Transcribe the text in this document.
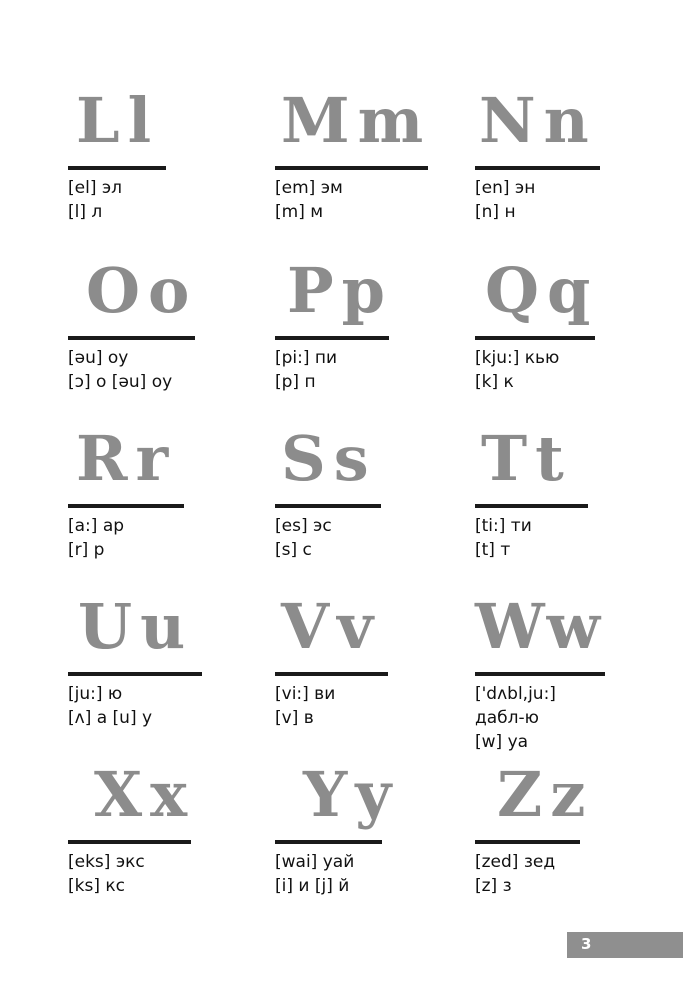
Ll
[el] эл
[l] л
Mm
[em] эм
[m] м
Nn
[en] эн
[n] н
Oo
[əu] оу
[ɔ] о [əu] оу
Pp
[pi:] пи
[p] п
Qq
[kju:] кью
[k] к
Rr
[a:] ар
[r] р
Ss
[es] эс
[s] с
Tt
[ti:] ти
[t] т
Uu
[ju:] ю
[ʌ] а [u] у
Vv
[vi:] ви
[v] в
Ww
['dʌbl,ju:]
дабл-ю
[w] уа
Xx
[eks] экс
[ks] кс
Yy
[wai] уай
[i] и [j] й
Zz
[zed] зед
[z] з
3
